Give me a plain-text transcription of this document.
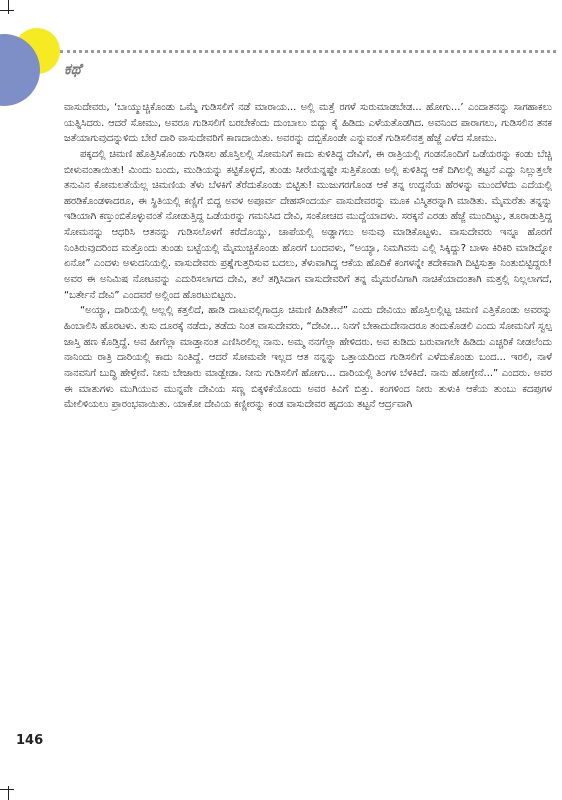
ಕಥೆ

ವಾಸುದೇವರು, ‘ಬಾಯ್ಮುಚ್ಚಿಕೊಂಡು ಒಮ್ಮೆ ಗುಡಿಸಲಿಗೆ ನಡೆ ಮಾರಾಯ... ಅಲ್ಲಿ ಮತ್ತೆ ರಗಳೆ ಸುರುಮಾಡಬೇಡ... ಹೋಗು...’ ಎಂದಾತನನ್ನು ಸಾಗಹಾಕಲು ಯತ್ನಿಸಿದರು. ಆದರೆ ಸೋಮು, ಅವರೂ ಗುಡಿಸಲಿಗೆ ಬರಬೇಕೆಂದು ದುಂಬಾಲು ಬಿದ್ದು ಕೈ ಹಿಡಿದು ಎಳೆಯತೊಡಗಿದ. ಅವನಿಂದ ಪಾರಾಗಲು, ಗುಡಿಸಲಿನ ತನಕ ಜತೆಯಾಗುವುದನ್ನುಳಿದು ಬೇರೆ ದಾರಿ ವಾಸುದೇವರಿಗೆ ಕಾಣದಾಯಿತು. ಅವರನ್ನು ದಬ್ಬಿಕೊಂಡೇ ಎನ್ನುವಂತೆ ಗುಡಿಸಲಿನತ್ತ ಹೆಜ್ಜೆ ಎಳೆದ ಸೋಮು.

ಪಕ್ಕದಲ್ಲಿ ಚಿಮಣಿ ಹೊತ್ತಿಸಿಕೊಂಡು ಗುಡಿಸಲ ಹೊಸ್ತಿಲಲ್ಲಿ ಸೋಮನಿಗೆ ಕಾದು ಕುಳಿತಿದ್ದ ದೇವಿಗೆ, ಈ ರಾತ್ರಿಯಲ್ಲಿ ಗಂಡನೊಂದಿಗೆ ಒಡೆಯರನ್ನು ಕಂಡು ಬೆಚ್ಚಿ ಬೀಳುವಂತಾಯಿತು! ಮಿಂದು ಬಂದು, ಮುಡಿಯನ್ನು ಕಟ್ಟಿಕೊಳ್ಳದೆ, ತುಂಡು ಸೀರೆಯನ್ನಷ್ಟೇ ಸುತ್ತಿಕೊಂಡು ಅಲ್ಲಿ ಕುಳಿತಿದ್ದ ಆಕೆ ದಿಗಿಲಲ್ಲಿ ತಟ್ಟನೆ ಎದ್ದು ನಿಲ್ಲುತ್ತಲೇ ತನುವಿನ ಕೋಮಲತೆಯೆಲ್ಲ ಚಿಮಣಿಯ ತೆಳು ಬೆಳಕಿಗೆ ತೆರೆದುಕೊಂಡು ಬಿಟ್ಟಿತು! ಮುಜುಗರಗೊಂಡ ಆಕೆ ತನ್ನ ಉದ್ದನೆಯ ಹೆರಳನ್ನು ಮುಂದೆಳೆದು ಎದೆಯಲ್ಲಿ ಹರಡಿಕೊಂಡಳಾದರೂ, ಈ ಸ್ಥಿತಿಯಲ್ಲಿ ಕಣ್ಣಿಗೆ ಬಿದ್ದ ಅವಳ ಅಪೂರ್ವ ದೇಹಸೌಂದರ್ಯ ವಾಸುದೇವರನ್ನು ಮೂಕ ವಿಸ್ಮಿತರನ್ನಾಗಿ ಮಾಡಿತು. ಮೈಮರೆತು ತನ್ನನ್ನು ಇಡಿಯಾಗಿ ಕಣ್ತುಂಬಿಕೊಳ್ಳುವಂತೆ ನೋಡುತ್ತಿದ್ದ ಒಡೆಯರನ್ನು ಗಮನಿಸಿದ ದೇವಿ, ಸಂಕೋಚದ ಮುದ್ದೆಯಾದಳು. ಸರಕ್ಕನೆ ಎರಡು ಹೆಜ್ಜೆ ಮುಂದಿಟ್ಟು, ತೂರಾಡುತ್ತಿದ್ದ ಸೋಮನನ್ನು ಆಧರಿಸಿ ಆತನನ್ನು ಗುಡಿಸಲೊಳಗೆ ಕರೆದೊಯ್ದು, ಚಾಪೆಯಲ್ಲಿ ಅಡ್ಡಾಗಲು ಅನುವು ಮಾಡಿಕೊಟ್ಟಳು. ವಾಸುದೇವರು ಇನ್ನೂ ಹೊರಗೆ ನಿಂತಿರುವುದರಿಂದ ಮತ್ತೊಂದು ತುಂಡು ಬಟ್ಟೆಯಲ್ಲಿ ಮೈಮುಚ್ಚಿಕೊಂಡು ಹೊರಗೆ ಬಂದವಳು, “ಅಯ್ಯಾ, ನಿಮಗಿವನು ಎಲ್ಲಿ ಸಿಕ್ಕಿದ್ದು? ಬಾಳಾ ಕಿರಿಕಿರಿ ಮಾಡಿದ್ನೋ ಏನೋ” ಎಂದಳು ಅಳುದನಿಯಲ್ಲಿ. ವಾಸುದೇವರು ಪ್ರಶ್ನೆಗುತ್ತರಿಸುವ ಬದಲು, ತೆಳುವಾಗಿದ್ದ ಆಕೆಯ ಹೊದಿಕೆ ಕಂಗಳನ್ನೇ ತದೇಕವಾಗಿ ದಿಟ್ಟಿಸುತ್ತಾ ನಿಂತುಬಿಟ್ಟಿದ್ದರು! ಅವರ ಈ ಅನಿಮಿಷ ನೋಟವನ್ನು ಎದುರಿಸಲಾಗದ ದೇವಿ, ತಲೆ ತಗ್ಗಿಸಿದಾಗ ವಾಸುದೇವರಿಗೆ ತನ್ನ ಮೈಮರೆವಿಗಾಗಿ ನಾಚಿಕೆಯಾದಂತಾಗಿ ಮತ್ತಲ್ಲಿ ನಿಲ್ಲಲಾಗದೆ, “ಬರ್ತೇನೆ ದೇವಿ” ಎಂದವರೆ ಅಲ್ಲಿಂದ ಹೊರಟುಬಿಟ್ಟರು.

“ಅಯ್ಯಾ, ದಾರಿಯಲ್ಲಿ ಅಲ್ಲಲ್ಲಿ ಕತ್ತಲಿದೆ, ಹಾಡಿ ದಾಟುವಲ್ಲಿಗಾದ್ರೂ ಚಿಮಣಿ ಹಿಡಿತೇನೆ” ಎಂದು ದೇವಿಯು ಹೊಸ್ತಿಲಲ್ಲಿಟ್ಟ ಚಿಮಣಿ ಎತ್ತಿಕೊಂಡು ಅವರನ್ನು ಹಿಂಬಾಲಿಸಿ ಹೊರಟಳು. ತುಸು ದೂರಕ್ಕೆ ನಡೆದು, ತಡೆದು ನಿಂತ ವಾಸುದೇವರು, “ದೇವೀ... ನಿನಗೆ ಬೇಕಾದುದೇನಾದರೂ ತಂದುಕೊಡಲಿ ಎಂದು ಸೋಮನಿಗೆ ಸ್ವಲ್ಪ ಜಾಸ್ತಿ ಹಣ ಕೊಡ್ತಿದ್ದೆ. ಅವ ಹೀಗೆಲ್ಲಾ ಮಾಡ್ತಾನಂತ ಎಣಿಸಿರಲಿಲ್ಲ ನಾನು. ಅಮ್ಮ ನನಗೆಲ್ಲಾ ಹೇಳಿದರು. ಅವ ಕುಡಿದು ಬರುವಾಗಲೇ ಹಿಡಿದು ಎಚ್ಚರಿಕೆ ನೀಡಲೆಂದು ನಾನಿಂದು ರಾತ್ರಿ ದಾರಿಯಲ್ಲಿ ಕಾದು ನಿಂತಿದ್ದೆ. ಆದರೆ ಸೋಮವೇ ಇಲ್ಲದ ಆತ ನನ್ನನ್ನು ಒತ್ತಾಯದಿಂದ ಗುಡಿಸಲಿಗೆ ಎಳೆದುಕೊಂಡು ಬಂದ... ಇರಲಿ, ನಾಳೆ ನಾನವನಿಗೆ ಬುದ್ಧಿ ಹೇಳ್ತೇನೆ. ನೀನು ಬೇಜಾರು ಮಾಡ್ಬೇಡಾ. ನೀನು ಗುಡಿಸಲಿಗೆ ಹೋಗು... ದಾರಿಯಲ್ಲಿ ತಿಂಗಳ ಬೆಳಕಿದೆ. ನಾನು ಹೋಗ್ತೇನೆ...” ಎಂದರು. ಅವರ ಈ ಮಾತುಗಳು ಮುಗಿಯುವ ಮುನ್ನವೇ ದೇವಿಯ ಸಣ್ಣ ಬಿಕ್ಕಳಿಕೆಯೊಂದು ಅವರ ಕಿವಿಗೆ ಬಿತ್ತು. ಕಂಗಳಿಂದ ನೀರು ತುಳುಕಿ ಆಕೆಯ ತುಂಬು ಕದಪುಗಳ ಮೇಲಿಳಿಯಲು ಪ್ರಾರಂಭವಾಯಿತು. ಯಾಕೋ ದೇವಿಯ ಕಣ್ಣೀರನ್ನು ಕಂಡ ವಾಸುದೇವರ ಹೃದಯ ತಟ್ಟನೆ ಆರ್ದ್ರವಾಗಿ

146
